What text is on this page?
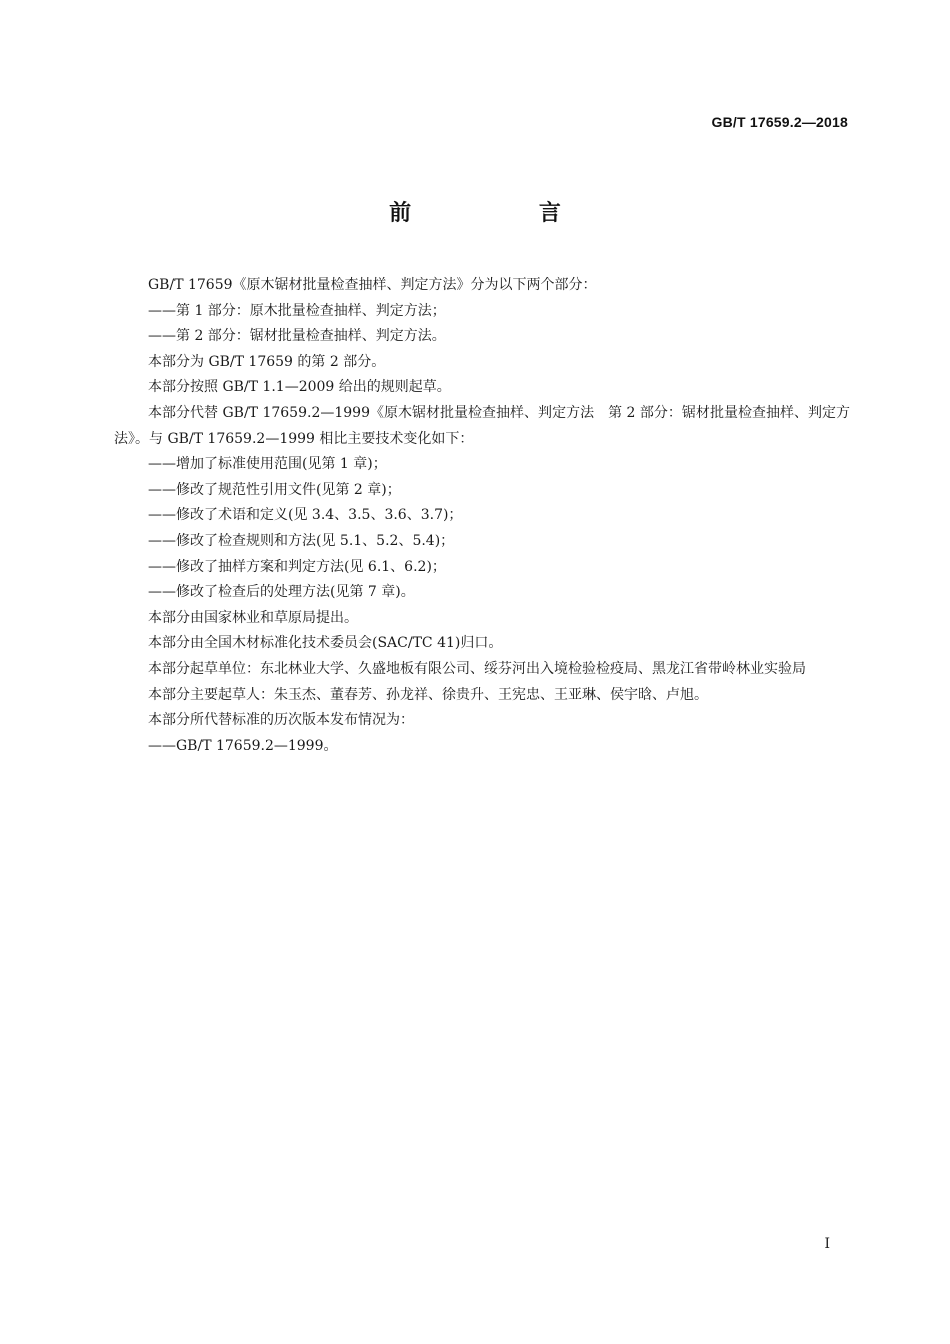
GB/T 17659.2—2018
前 言

GB/T 17659《原木锯材批量检查抽样、判定方法》分为以下两个部分：

——第 1 部分：原木批量检查抽样、判定方法；

——第 2 部分：锯材批量检查抽样、判定方法。

本部分为 GB/T 17659 的第 2 部分。

本部分按照 GB/T 1.1—2009 给出的规则起草。

本部分代替 GB/T 17659.2—1999《原木锯材批量检查抽样、判定方法　第 2 部分：锯材批量检查抽样、判定方法》。与 GB/T 17659.2—1999 相比主要技术变化如下：

——增加了标准使用范围(见第 1 章)；

——修改了规范性引用文件(见第 2 章)；

——修改了术语和定义(见 3.4、3.5、3.6、3.7)；

——修改了检查规则和方法(见 5.1、5.2、5.4)；

——修改了抽样方案和判定方法(见 6.1、6.2)；

——修改了检查后的处理方法(见第 7 章)。

本部分由国家林业和草原局提出。

本部分由全国木材标准化技术委员会(SAC/TC 41)归口。

本部分起草单位：东北林业大学、久盛地板有限公司、绥芬河出入境检验检疫局、黑龙江省带岭林业实验局

本部分主要起草人：朱玉杰、董春芳、孙龙祥、徐贵升、王宪忠、王亚琳、侯宇晗、卢旭。

本部分所代替标准的历次版本发布情况为：

——GB/T 17659.2—1999。

I
